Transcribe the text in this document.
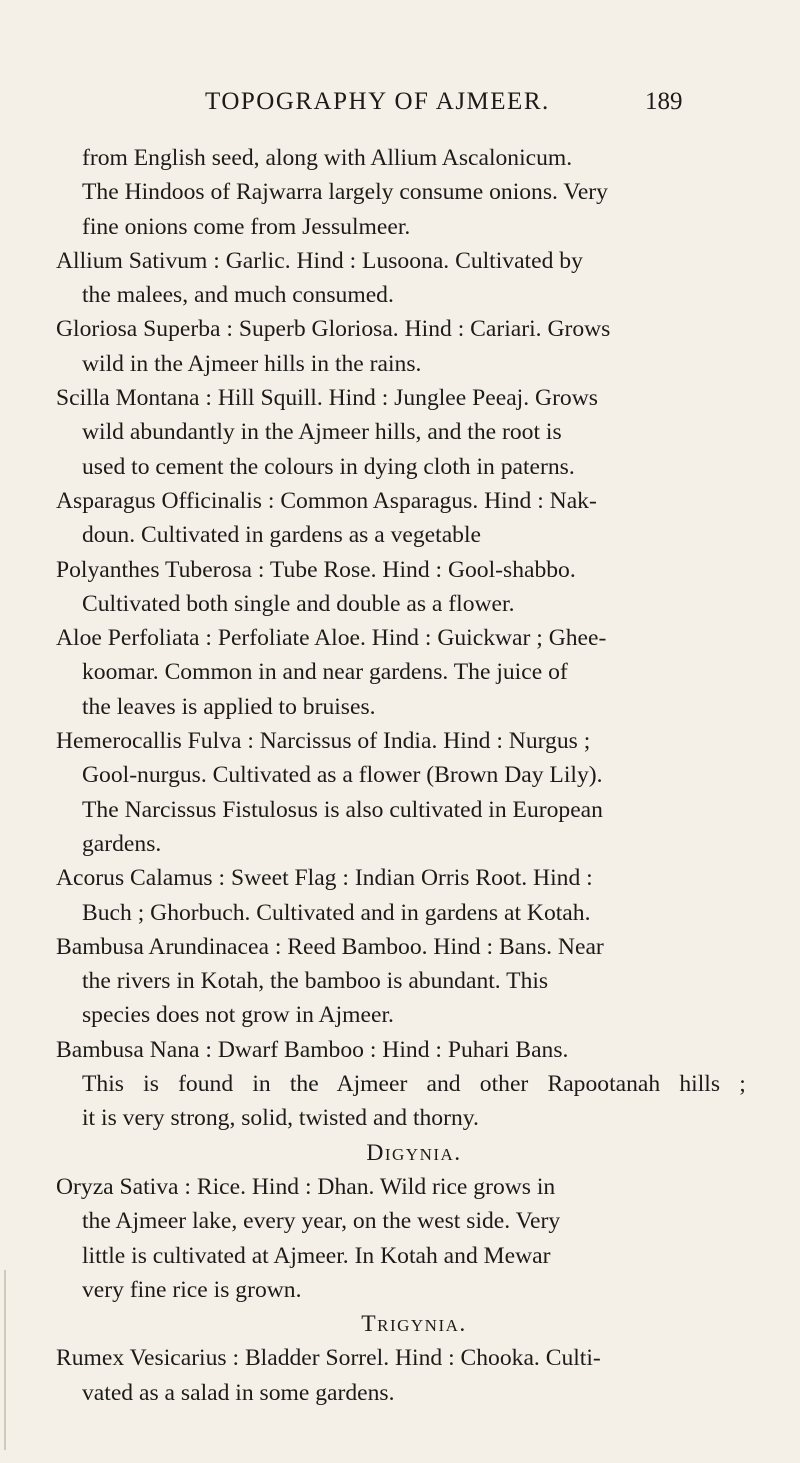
TOPOGRAPHY OF AJMEER.	189

from English seed, along with Allium Ascalonicum.

The Hindoos of Rajwarra largely consume onions. Very

fine onions come from Jessulmeer.

Allium Sativum : Garlic. Hind : Lusoona. Cultivated by

the malees, and much consumed.

Gloriosa Superba : Superb Gloriosa. Hind : Cariari. Grows

wild in the Ajmeer hills in the rains.

Scilla Montana : Hill Squill. Hind : Junglee Peeaj. Grows

wild abundantly in the Ajmeer hills, and the root is

used to cement the colours in dying cloth in paterns.

Asparagus Officinalis : Common Asparagus. Hind : Nak-

doun. Cultivated in gardens as a vegetable

Polyanthes Tuberosa : Tube Rose. Hind : Gool-shabbo.

Cultivated both single and double as a flower.

Aloe Perfoliata : Perfoliate Aloe. Hind : Guickwar ; Ghee-

koomar. Common in and near gardens. The juice of

the leaves is applied to bruises.

Hemerocallis Fulva : Narcissus of India. Hind : Nurgus ;

Gool-nurgus. Cultivated as a flower (Brown Day Lily).

The Narcissus Fistulosus is also cultivated in European

gardens.

Acorus Calamus : Sweet Flag : Indian Orris Root. Hind :

Buch ; Ghorbuch. Cultivated and in gardens at Kotah.

Bambusa Arundinacea : Reed Bamboo. Hind : Bans. Near

the rivers in Kotah, the bamboo is abundant. This

species does not grow in Ajmeer.

Bambusa Nana : Dwarf Bamboo : Hind : Puhari Bans.

This is found in the Ajmeer and other Rapootanah hills ;

it is very strong, solid, twisted and thorny.

Digynia.

Oryza Sativa : Rice. Hind : Dhan. Wild rice grows in

the Ajmeer lake, every year, on the west side. Very

little is cultivated at Ajmeer. In Kotah and Mewar

very fine rice is grown.

Trigynia.

Rumex Vesicarius : Bladder Sorrel. Hind : Chooka. Culti-

vated as a salad in some gardens.
